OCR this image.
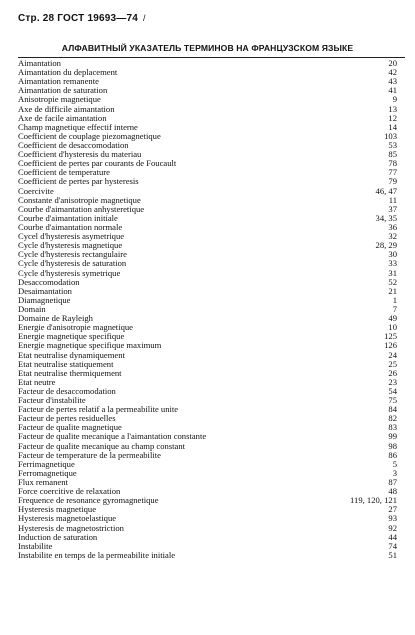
Стр. 28 ГОСТ 19693—74 /
АЛФАВИТНЫЙ УКАЗАТЕЛЬ ТЕРМИНОВ НА ФРАНЦУЗСКОМ ЯЗЫКЕ
Aimantation	20
Aimantation du deplacement	42
Aimantation remanente	43
Aimantation de saturation	41
Anisotropie magnetique	9
Axe de difficile aimantation	13
Axe de facile aimantation	12
Champ magnetique effectif interne	14
Coefficient de couplage piezomagnetique	103
Coefficient de desaccomodation	53
Coefficient d'hysteresis du materiau	85
Coefficient de pertes par courants de Foucault	78
Coefficient de temperature	77
Coefficient de pertes par hysteresis	79
Coercivite	46, 47
Constante d'anisotropie magnetique	11
Courbe d'aimantation anhysteretique	37
Courbe d'aimantation initiale	34, 35
Courbe d'aimantation normale	36
Cycel d'hysteresis asymetrique	32
Cycle d'hysteresis magnetique	28, 29
Cycle d'hysteresis rectangulaire	30
Cycle d'hysteresis de saturation	33
Cycle d'hysteresis symetrique	31
Desaccomodation	52
Desaimantation	21
Diamagnetique	1
Domain	7
Domaine de Rayleigh	49
Energie d'anisotropie magnetique	10
Energie magnetique specifique	125
Energie magnetique specifique maximum	126
Etat neutralise dynamiquement	24
Etat neutralise statiquement	25
Etat neutralise thermiquement	26
Etat neutre	23
Facteur de desaccomodation	54
Facteur d'instabilite	75
Facteur de pertes relatif a la permeabilite unite	84
Facteur de pertes residuelles	82
Facteur de qualite magnetique	83
Facteur de qualite mecanique a l'aimantation constante	99
Facteur de qualite mecanique au champ constant	98
Facteur de temperature de la permeabilite	86
Ferrimagnetique	5
Ferromagnetique	3
Flux remanent	87
Force coercitive de relaxation	48
Frequence de resonance gyromagnetique	119, 120, 121
Hysteresis magnetique	27
Hysteresis magnetoelastique	93
Hysteresis de magnetostriction	92
Induction de saturation	44
Instabilite	74
Instabilite en temps de la permeabilite initiale	51
